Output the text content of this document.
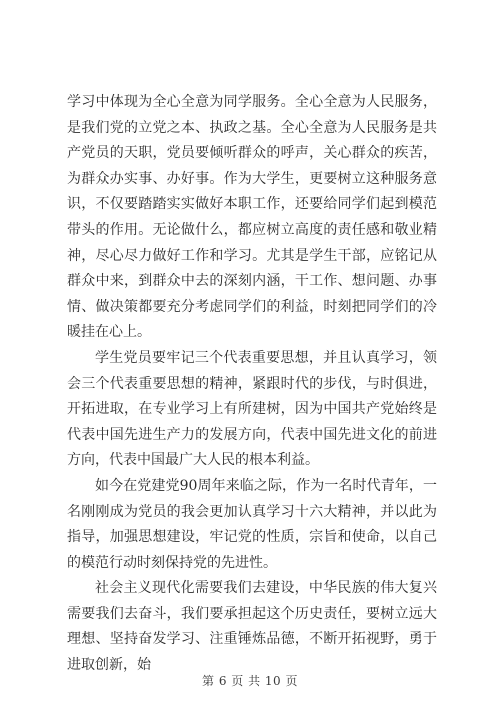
学习中体现为全心全意为同学服务。全心全意为人民服务，是我们党的立党之本、执政之基。全心全意为人民服务是共产党员的天职，党员要倾听群众的呼声，关心群众的疾苦，为群众办实事、办好事。作为大学生，更要树立这种服务意识，不仅要踏踏实实做好本职工作，还要给同学们起到模范带头的作用。无论做什么，都应树立高度的责任感和敬业精神，尽心尽力做好工作和学习。尤其是学生干部，应铭记从群众中来，到群众中去的深刻内涵，干工作、想问题、办事情、做决策都要充分考虑同学们的利益，时刻把同学们的冷暖挂在心上。

学生党员要牢记三个代表重要思想，并且认真学习，领会三个代表重要思想的精神，紧跟时代的步伐，与时俱进，开拓进取，在专业学习上有所建树，因为中国共产党始终是代表中国先进生产力的发展方向，代表中国先进文化的前进方向，代表中国最广大人民的根本利益。

如今在党建党90周年来临之际，作为一名时代青年，一名刚刚成为党员的我会更加认真学习十六大精神，并以此为指导，加强思想建设，牢记党的性质，宗旨和使命，以自己的模范行动时刻保持党的先进性。

社会主义现代化需要我们去建设，中华民族的伟大复兴需要我们去奋斗，我们要承担起这个历史责任，要树立远大理想、坚持奋发学习、注重锤炼品德，不断开拓视野，勇于进取创新，始

第 6 页 共 10 页
